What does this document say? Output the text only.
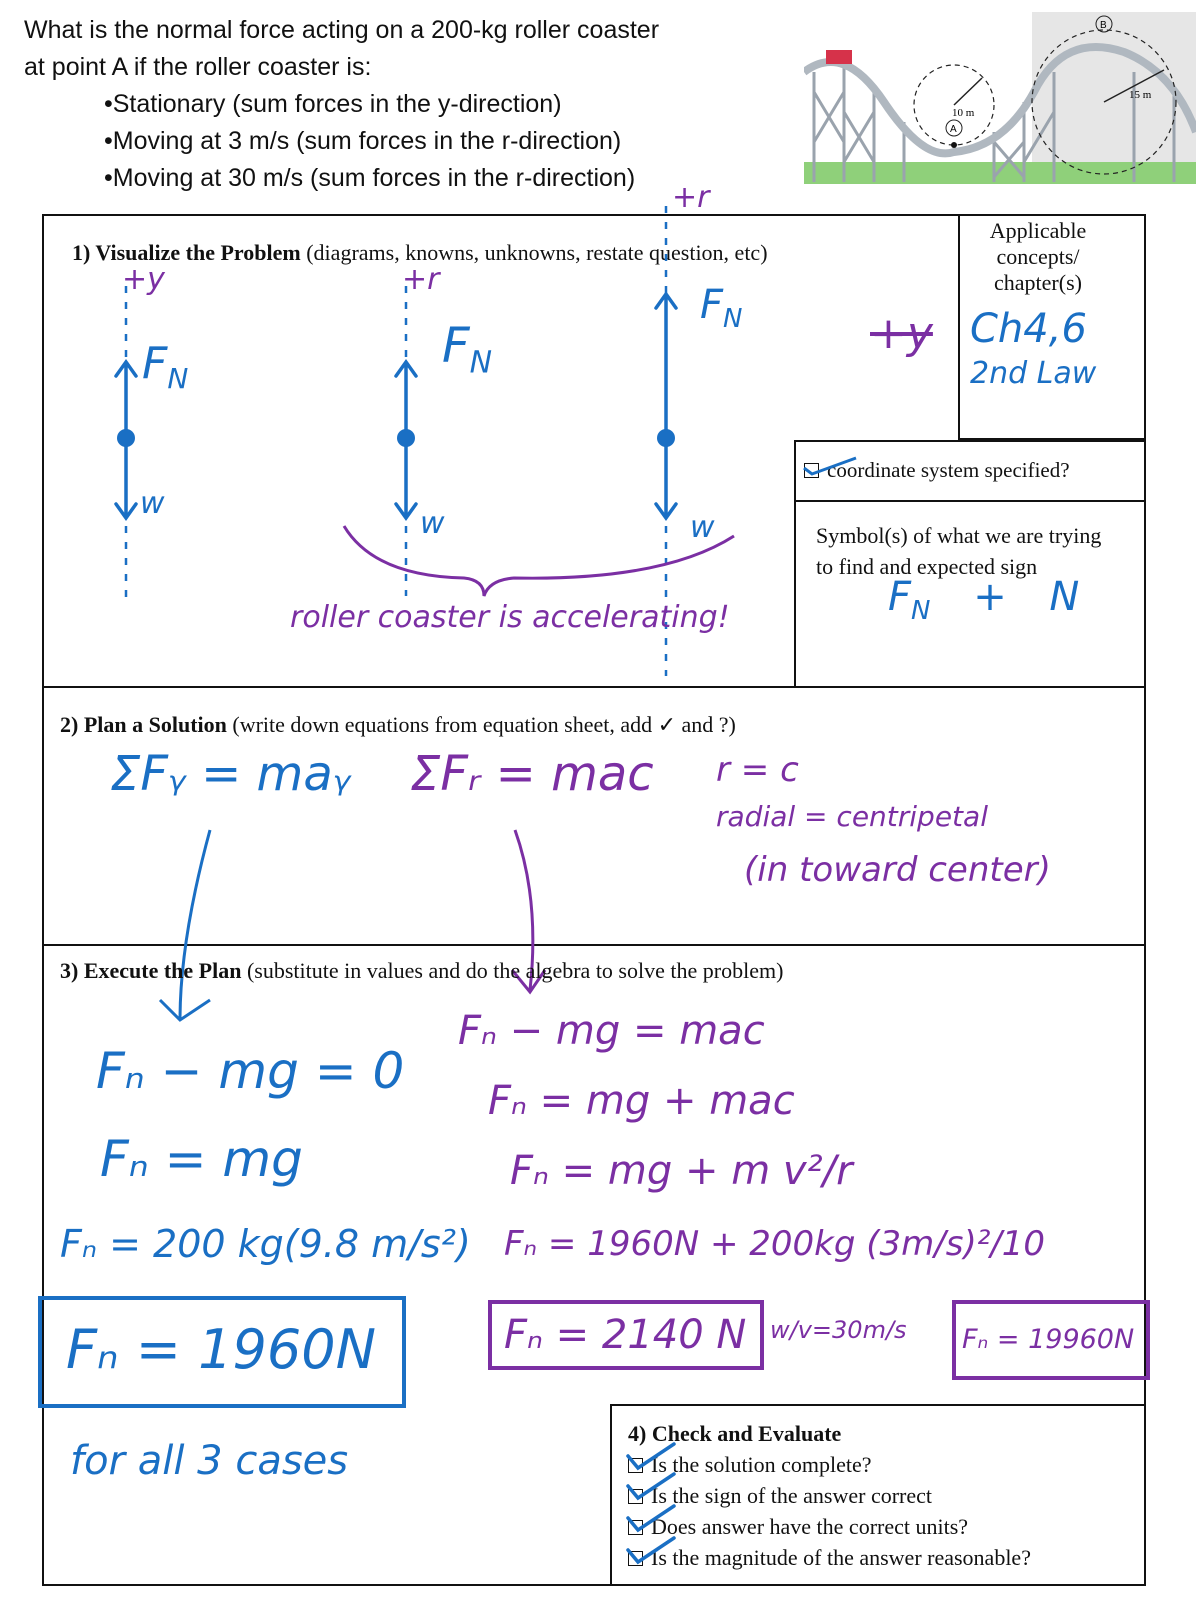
What is the normal force acting on a 200-kg roller coaster
at point A if the roller coaster is:
•Stationary (sum forces in the y-direction)
•Moving at 3 m/s (sum forces in the r-direction)
•Moving at 30 m/s (sum forces in the r-direction)
A
10 m
B
15 m
1) Visualize the Problem (diagrams, knowns, unknowns, restate question, etc)
+y	+r
+r
$F_N$
$F_N$
$F_N$
w
w	w
roller coaster is accelerating!
Applicable concepts/ chapter(s)
+y Ch4,6
2nd Law
coordinate system specified?
Symbol(s) of what we are trying to find and expected sign
$F_N + N$
2) Plan a Solution (write down equations from equation sheet, add ✓ and ?)
ΣFᵧ = maᵧ ΣFᵣ = maᴄ r = c
radial = centripetal
(in toward center)
3) Execute the Plan (substitute in values and do the algebra to solve the problem)
Fₙ − mg = 0
Fₙ = mg
Fₙ = 200 kg(9.8 m/s²)
Fₙ = 1960N
for all 3 cases
Fₙ − mg = maᴄ
Fₙ = mg + maᴄ
Fₙ = mg + m v²/r
Fₙ = 1960N + 200kg (3m/s)²/10
Fₙ = 2140 N w/v=30m/s	Fₙ = 19960N
4) Check and Evaluate
Is the solution complete?
Is the sign of the answer correct
Does answer have the correct units?
Is the magnitude of the answer reasonable?
